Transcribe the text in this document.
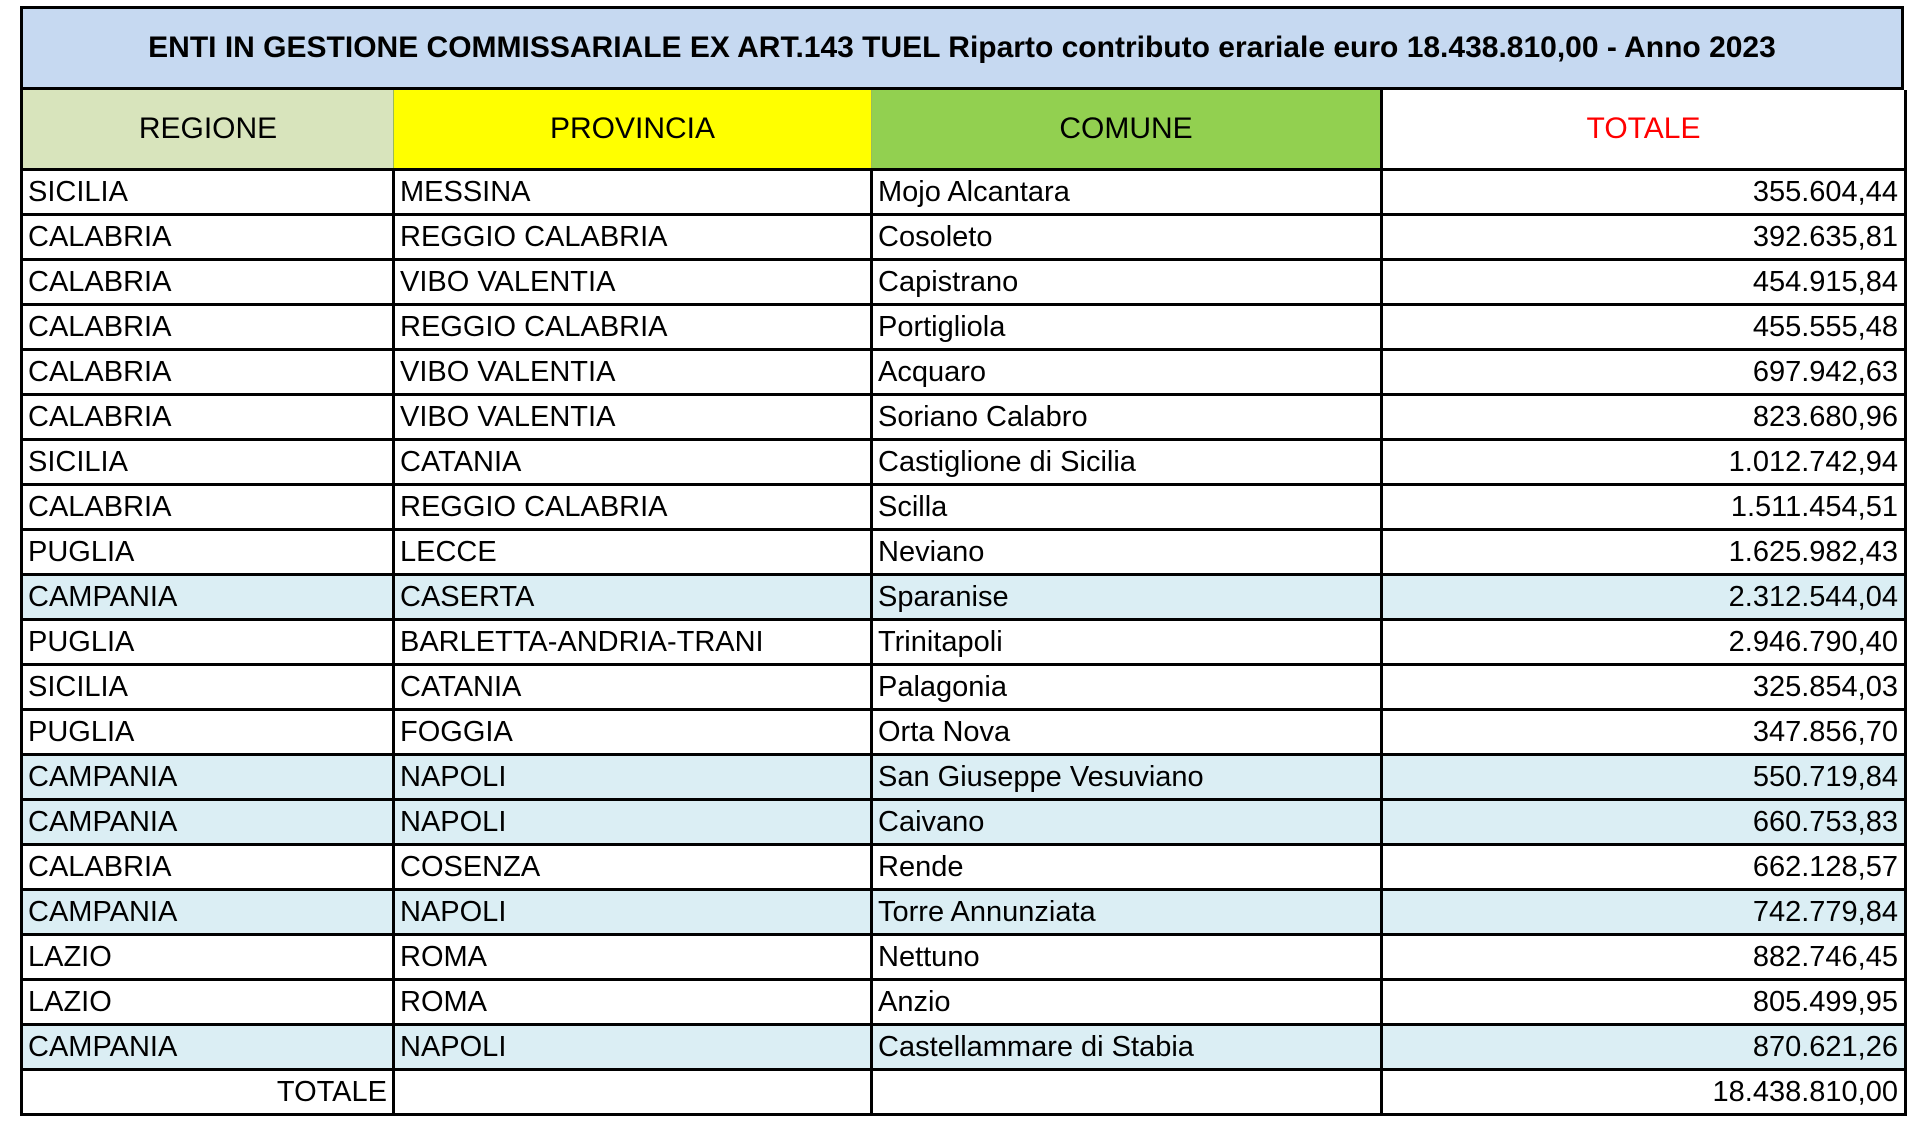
ENTI IN GESTIONE COMMISSARIALE EX ART.143 TUEL Riparto contributo erariale euro 18.438.810,00 - Anno 2023
REGIONE	PROVINCIA	COMUNE	TOTALE
SICILIA	MESSINA	Mojo Alcantara	355.604,44
CALABRIA	REGGIO CALABRIA	Cosoleto	392.635,81
CALABRIA	VIBO VALENTIA	Capistrano	454.915,84
CALABRIA	REGGIO CALABRIA	Portigliola	455.555,48
CALABRIA	VIBO VALENTIA	Acquaro	697.942,63
CALABRIA	VIBO VALENTIA	Soriano Calabro	823.680,96
SICILIA	CATANIA	Castiglione di Sicilia	1.012.742,94
CALABRIA	REGGIO CALABRIA	Scilla	1.511.454,51
PUGLIA	LECCE	Neviano	1.625.982,43
CAMPANIA	CASERTA	Sparanise	2.312.544,04
PUGLIA	BARLETTA-ANDRIA-TRANI	Trinitapoli	2.946.790,40
SICILIA	CATANIA	Palagonia	325.854,03
PUGLIA	FOGGIA	Orta Nova	347.856,70
CAMPANIA	NAPOLI	San Giuseppe Vesuviano	550.719,84
CAMPANIA	NAPOLI	Caivano	660.753,83
CALABRIA	COSENZA	Rende	662.128,57
CAMPANIA	NAPOLI	Torre Annunziata	742.779,84
LAZIO	ROMA	Nettuno	882.746,45
LAZIO	ROMA	Anzio	805.499,95
CAMPANIA	NAPOLI	Castellammare di Stabia	870.621,26
TOTALE			18.438.810,00
